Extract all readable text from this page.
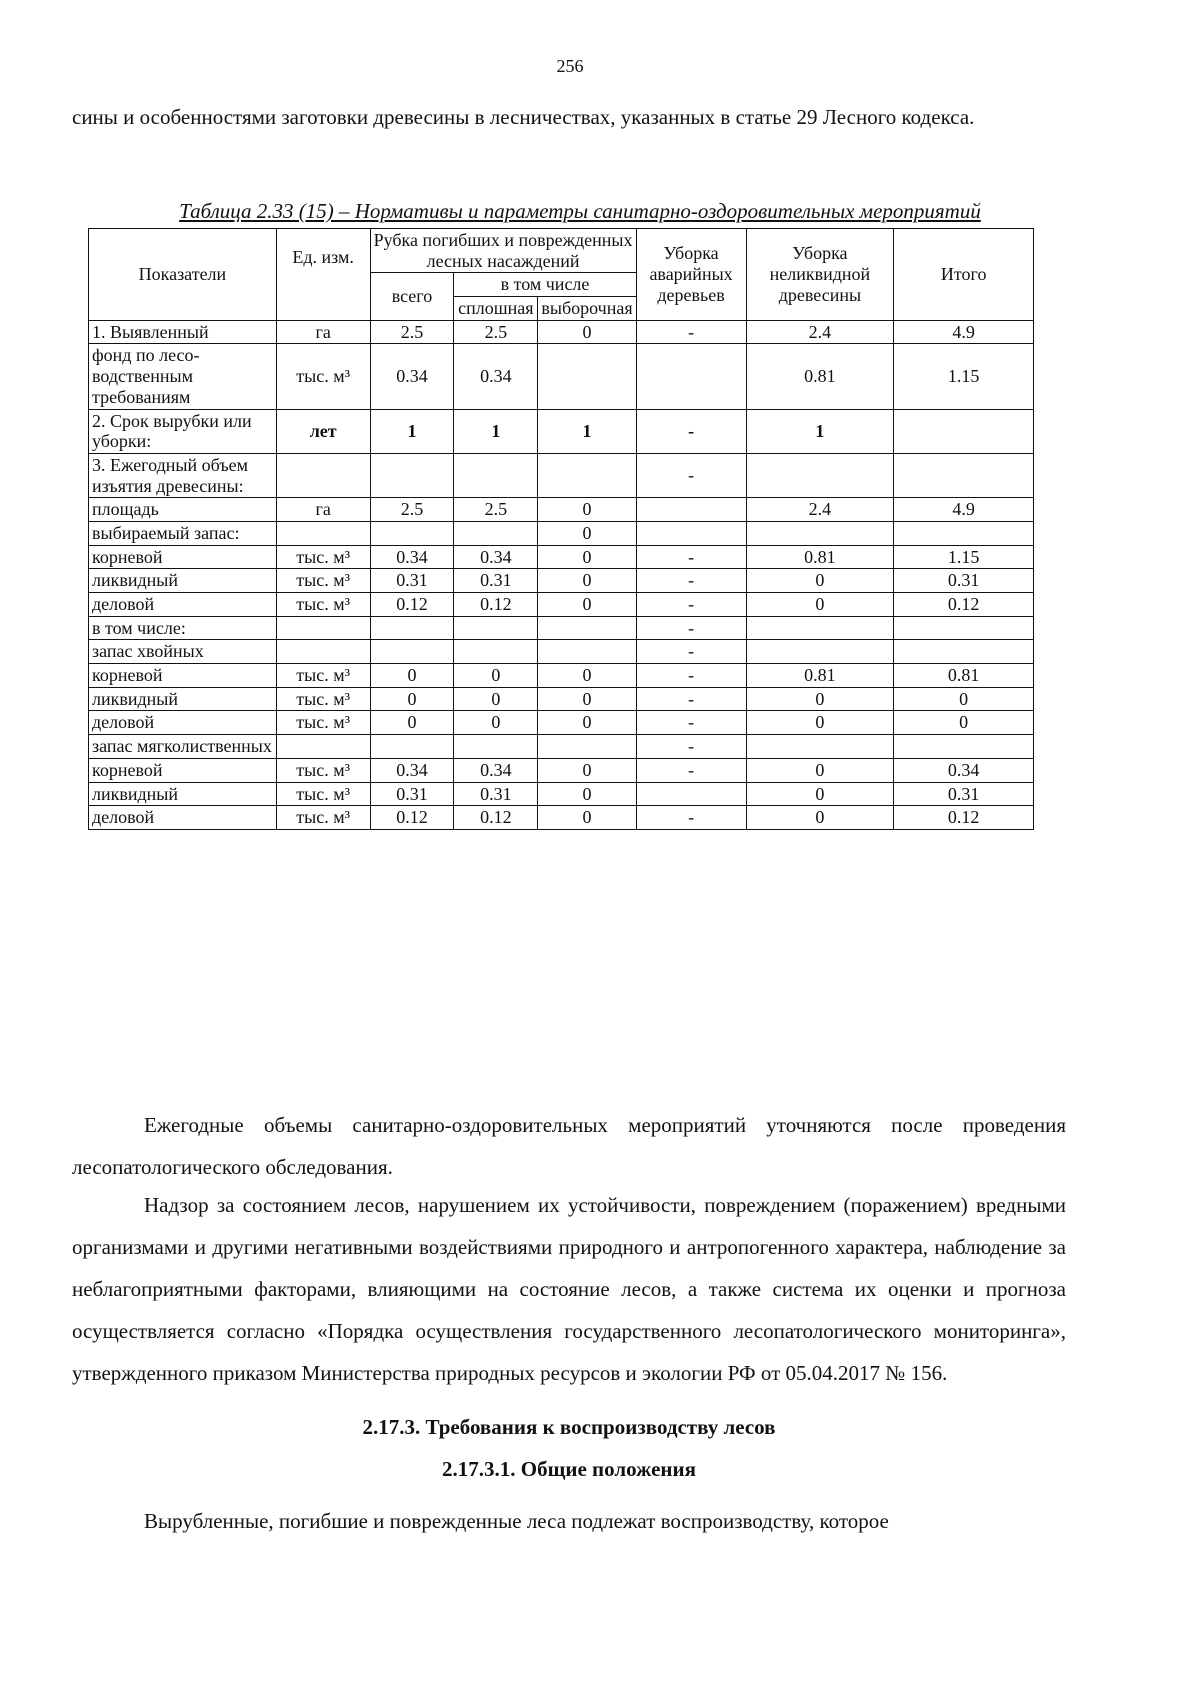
256

сины и особенностями заготовки древесины в лесничествах, указанных в статье 29 Лесного кодекса.

Таблица 2.33 (15) – Нормативы и параметры санитарно-оздоровительных мероприятий
Показатели	Ед. изм.	Рубка погибших и поврежденных лесных насаждений			Уборка аварийных деревьев	Уборка неликвидной древесины	Итого
		всего	в том числе				
			сплошная	выборочная			
1. Выявленный	га	2.5	2.5	0	-	2.4	4.9
фонд по лесо-водственным требованиям	тыс. м³	0.34	0.34			0.81	1.15
2. Срок вырубки или уборки:	лет	1	1	1	-	1	
3. Ежегодный объем изъятия древесины:					-		
площадь	га	2.5	2.5	0		2.4	4.9
выбираемый запас:				0			
корневой	тыс. м³	0.34	0.34	0	-	0.81	1.15
ликвидный	тыс. м³	0.31	0.31	0	-	0	0.31
деловой	тыс. м³	0.12	0.12	0	-	0	0.12
в том числе:					-		
запас хвойных					-		
корневой	тыс. м³	0	0	0	-	0.81	0.81
ликвидный	тыс. м³	0	0	0	-	0	0
деловой	тыс. м³	0	0	0	-	0	0
запас мягколиственных					-		
корневой	тыс. м³	0.34	0.34	0	-	0	0.34
ликвидный	тыс. м³	0.31	0.31	0		0	0.31
деловой	тыс. м³	0.12	0.12	0	-	0	0.12

Ежегодные объемы санитарно-оздоровительных мероприятий уточняются после проведения лесопатологического обследования.

Надзор за состоянием лесов, нарушением их устойчивости, повреждением (поражением) вредными организмами и другими негативными воздействиями природного и антропогенного характера, наблюдение за неблагоприятными факторами, влияющими на состояние лесов, а также система их оценки и прогноза осуществляется согласно «Порядка осуществления государственного лесопатологического мониторинга», утвержденного приказом Министерства природных ресурсов и экологии РФ от 05.04.2017 № 156.

2.17.3. Требования к воспроизводству лесов
2.17.3.1. Общие положения

Вырубленные, погибшие и поврежденные леса подлежат воспроизводству, которое
